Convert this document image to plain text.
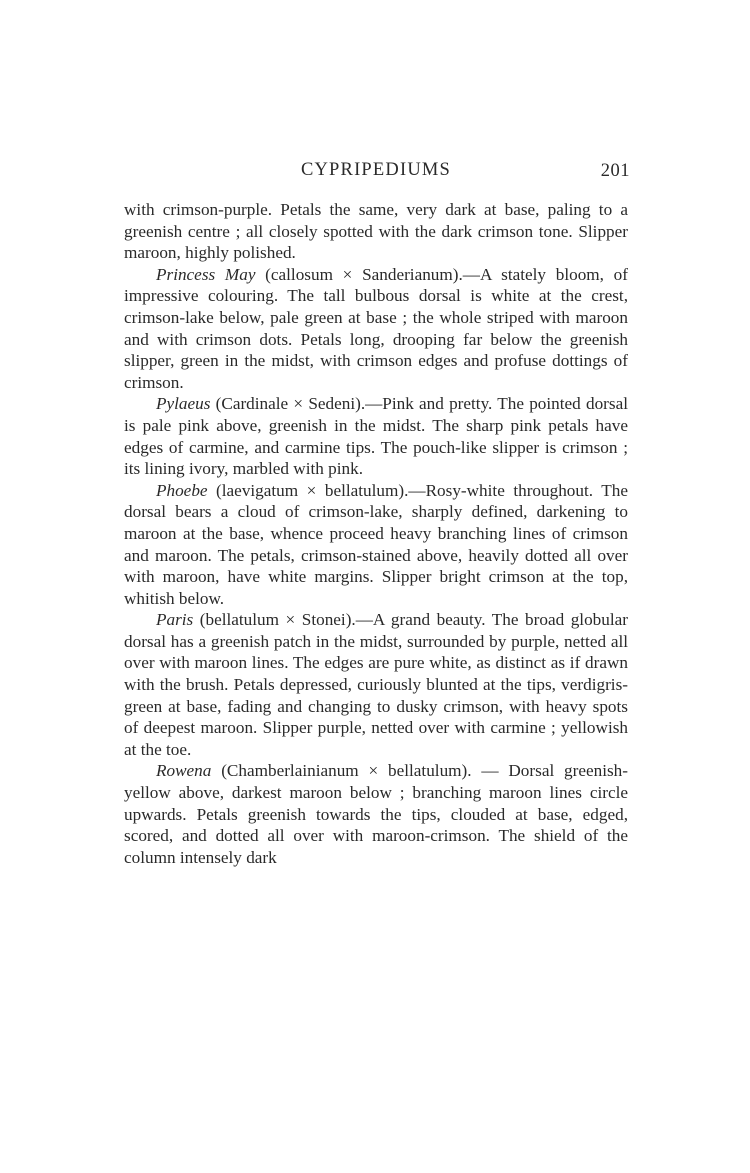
CYPRIPEDIUMS	201

with crimson-purple. Petals the same, very dark at base, paling to a greenish centre ; all closely spotted with the dark crimson tone. Slipper maroon, highly polished.

Princess May (callosum × Sanderianum).—A stately bloom, of impressive colouring. The tall bulbous dorsal is white at the crest, crimson-lake below, pale green at base ; the whole striped with maroon and with crimson dots. Petals long, drooping far below the greenish slipper, green in the midst, with crimson edges and profuse dottings of crimson.

Pylaeus (Cardinale × Sedeni).—Pink and pretty. The pointed dorsal is pale pink above, greenish in the midst. The sharp pink petals have edges of carmine, and carmine tips. The pouch-like slipper is crimson ; its lining ivory, marbled with pink.

Phoebe (laevigatum × bellatulum).—Rosy-white throughout. The dorsal bears a cloud of crimson-lake, sharply defined, darkening to maroon at the base, whence proceed heavy branching lines of crimson and maroon. The petals, crimson-stained above, heavily dotted all over with maroon, have white margins. Slipper bright crimson at the top, whitish below.

Paris (bellatulum × Stonei).—A grand beauty. The broad globular dorsal has a greenish patch in the midst, surrounded by purple, netted all over with maroon lines. The edges are pure white, as distinct as if drawn with the brush. Petals depressed, curiously blunted at the tips, verdigris-green at base, fading and changing to dusky crimson, with heavy spots of deepest maroon. Slipper purple, netted over with carmine ; yellowish at the toe.

Rowena (Chamberlainianum × bellatulum). — Dorsal greenish-yellow above, darkest maroon below ; branching maroon lines circle upwards. Petals greenish towards the tips, clouded at base, edged, scored, and dotted all over with maroon-crimson. The shield of the column intensely dark
